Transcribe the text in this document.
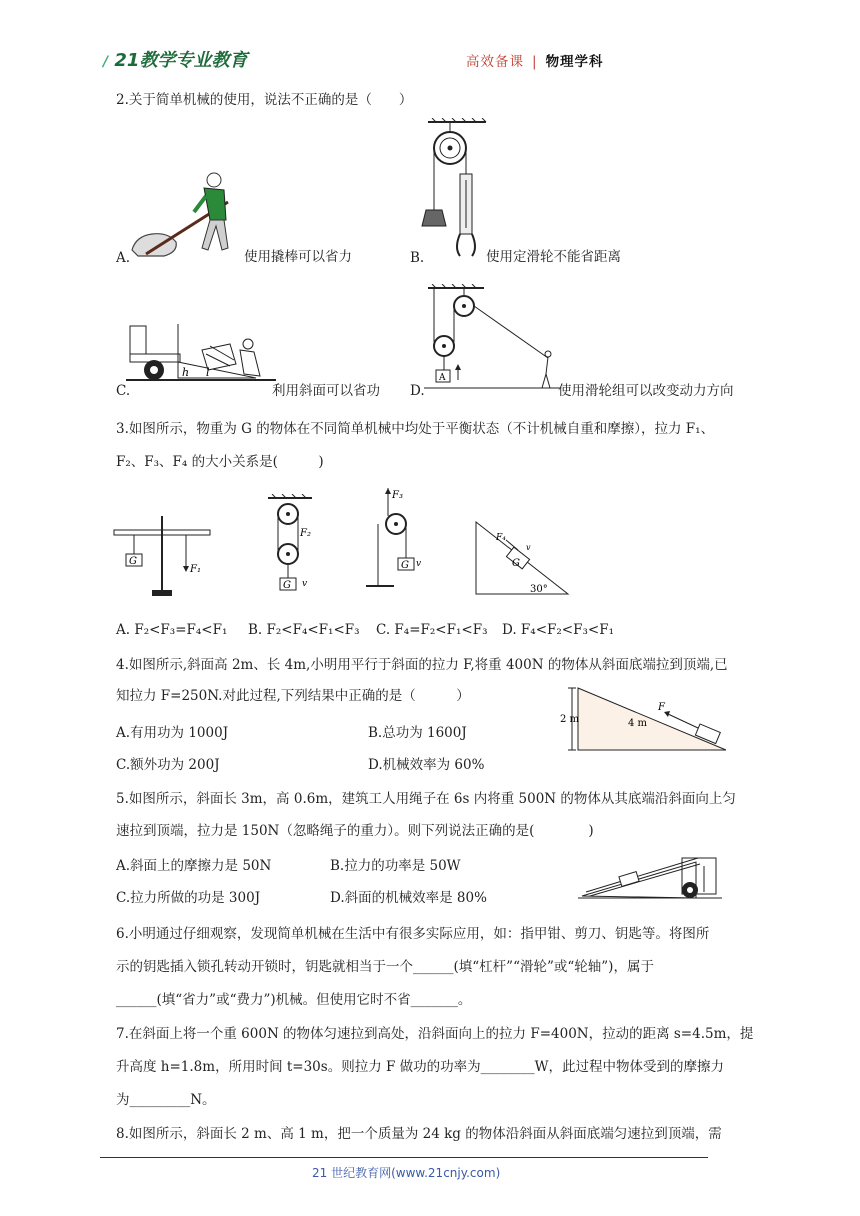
/ 21教学专业教育	高效备课 | 物理学科
2.关于简单机械的使用，说法不正确的是（　　）
A.	使用撬棒可以省力	B.	使用定滑轮不能省距离
h l
C.	利用斜面可以省功
A
D.	使用滑轮组可以改变动力方向
3.如图所示，物重为 G 的物体在不同简单机械中均处于平衡状态（不计机械自重和摩擦），拉力 F₁、
F₂、F₃、F₄ 的大小关系是(　　　)
G
F₁
G
F₂
v
F₃
G v	G
F₄
v
30°
A. F₂<F₃=F₄<F₁ B. F₂<F₄<F₁<F₃ C. F₄=F₂<F₁<F₃ D. F₄<F₂<F₃<F₁
4.如图所示,斜面高 2m、长 4m,小明用平行于斜面的拉力 F,将重 400N 的物体从斜面底端拉到顶端,已
知拉力 F=250N.对此过程,下列结果中正确的是（　　　）
A.有用功为 1000J	B.总功为 1600J
C.额外功为 200J	D.机械效率为 60%
2 m	4 m
F
5.如图所示，斜面长 3m，高 0.6m，建筑工人用绳子在 6s 内将重 500N 的物体从其底端沿斜面向上匀
速拉到顶端，拉力是 150N（忽略绳子的重力）。则下列说法正确的是(　　　　)
A.斜面上的摩擦力是 50N	B.拉力的功率是 50W
C.拉力所做的功是 300J	D.斜面的机械效率是 80%
6.小明通过仔细观察，发现简单机械在生活中有很多实际应用，如：指甲钳、剪刀、钥匙等。将图所
示的钥匙插入锁孔转动开锁时，钥匙就相当于一个______(填“杠杆”“滑轮”或“轮轴”)，属于
______(填“省力”或“费力”)机械。但使用它时不省_______。
7.在斜面上将一个重 600N 的物体匀速拉到高处，沿斜面向上的拉力 F=400N，拉动的距离 s=4.5m，提
升高度 h=1.8m，所用时间 t=30s。则拉力 F 做功的功率为________W，此过程中物体受到的摩擦力
为_________N。
8.如图所示，斜面长 2 m、高 1 m，把一个质量为 24 kg 的物体沿斜面从斜面底端匀速拉到顶端，需
21 世纪教育网(www.21cnjy.com)
